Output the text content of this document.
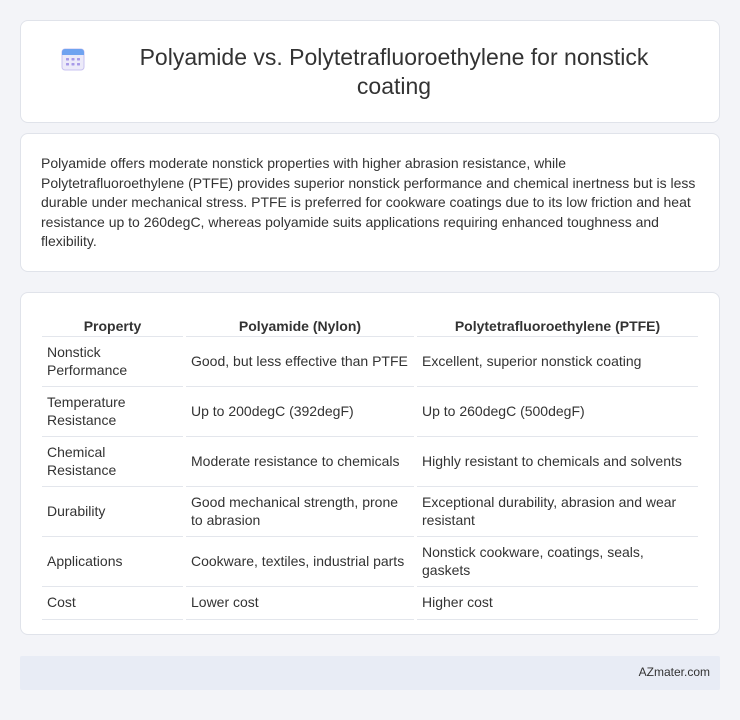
Polyamide vs. Polytetrafluoroethylene for nonstick coating

Polyamide offers moderate nonstick properties with higher abrasion resistance, while Polytetrafluoroethylene (PTFE) provides superior nonstick performance and chemical inertness but is less durable under mechanical stress. PTFE is preferred for cookware coatings due to its low friction and heat resistance up to 260degC, whereas polyamide suits applications requiring enhanced toughness and flexibility.

Property	Polyamide (Nylon)	Polytetrafluoroethylene (PTFE)
Nonstick Performance	Good, but less effective than PTFE	Excellent, superior nonstick coating
Temperature Resistance	Up to 200degC (392degF)	Up to 260degC (500degF)
Chemical Resistance	Moderate resistance to chemicals	Highly resistant to chemicals and solvents
Durability	Good mechanical strength, prone to abrasion	Exceptional durability, abrasion and wear resistant
Applications	Cookware, textiles, industrial parts	Nonstick cookware, coatings, seals, gaskets
Cost	Lower cost	Higher cost
AZmater.com
